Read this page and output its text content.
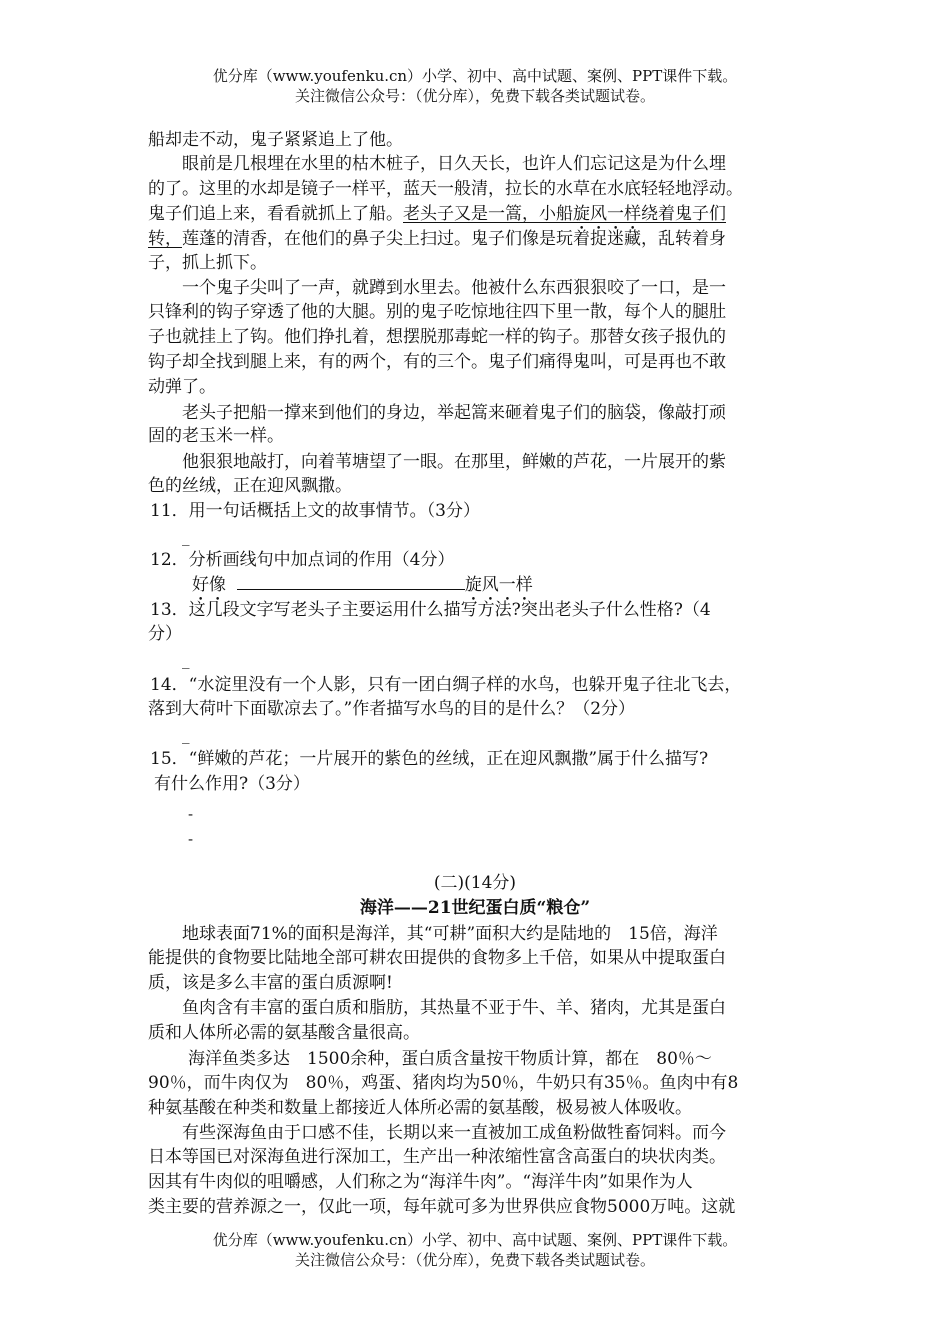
优分库（www.youfenku.cn）小学、初中、高中试题、案例、PPT课件下载。
关注微信公众号：（优分库），免费下载各类试题试卷。
船却走不动，鬼子紧紧追上了他。
眼前是几根埋在水里的枯木桩子，日久天长，也许人们忘记这是为什么埋
的了。这里的水却是镜子一样平，蓝天一般清，拉长的水草在水底轻轻地浮动。
鬼子们追上来，看看就抓上了船。老头子又是一篙，小船旋风一样绕着鬼子们
转，莲蓬的清香，在他们的鼻子尖上扫过。鬼子们像是玩着捉迷藏，乱转着身
子，抓上抓下。
一个鬼子尖叫了一声，就蹲到水里去。他被什么东西狠狠咬了一口，是一
只锋利的钩子穿透了他的大腿。别的鬼子吃惊地往四下里一散，每个人的腿肚
子也就挂上了钩。他们挣扎着，想摆脱那毒蛇一样的钩子。那替女孩子报仇的
钩子却全找到腿上来，有的两个，有的三个。鬼子们痛得鬼叫，可是再也不敢
动弹了。
老头子把船一撑来到他们的身边，举起篙来砸着鬼子们的脑袋，像敲打顽
固的老玉米一样。
他狠狠地敲打，向着苇塘望了一眼。在那里，鲜嫩的芦花，一片展开的紫
色的丝绒，正在迎风飘撒。
11．用一句话概括上文的故事情节。（3分）
_
12．分析画线句中加点词的作用（4分）
好像	旋风一样
13．这几段文字写老头子主要运用什么描写方法?突出老头子什么性格?（4
分）
_
14．“水淀里没有一个人影，只有一团白绸子样的水鸟，也躲开鬼子往北飞去，
落到大荷叶下面歇凉去了。”作者描写水鸟的目的是什么？（2分）
_
15．“鲜嫩的芦花；一片展开的紫色的丝绒，正在迎风飘撒”属于什么描写?
有什么作用?（3分）
-
-
(二)(14分)
海洋——21世纪蛋白质“粮仓”
地球表面71%的面积是海洋，其“可耕”面积大约是陆地的　15倍，海洋
能提供的食物要比陆地全部可耕农田提供的食物多上千倍，如果从中提取蛋白
质，该是多么丰富的蛋白质源啊!
鱼肉含有丰富的蛋白质和脂肪，其热量不亚于牛、羊、猪肉，尤其是蛋白
质和人体所必需的氨基酸含量很高。
海洋鱼类多达　1500余种，蛋白质含量按干物质计算，都在　80％～
90％，而牛肉仅为　80％，鸡蛋、猪肉均为50％，牛奶只有35％。鱼肉中有8
种氨基酸在种类和数量上都接近人体所必需的氨基酸，极易被人体吸收。
有些深海鱼由于口感不佳，长期以来一直被加工成鱼粉做牲畜饲料。而今
日本等国已对深海鱼进行深加工，生产出一种浓缩性富含高蛋白的块状肉类。
因其有牛肉似的咀嚼感，人们称之为“海洋牛肉”。“海洋牛肉”如果作为人
类主要的营养源之一，仅此一项，每年就可多为世界供应食物5000万吨。这就
优分库（www.youfenku.cn）小学、初中、高中试题、案例、PPT课件下载。
关注微信公众号：（优分库），免费下载各类试题试卷。
